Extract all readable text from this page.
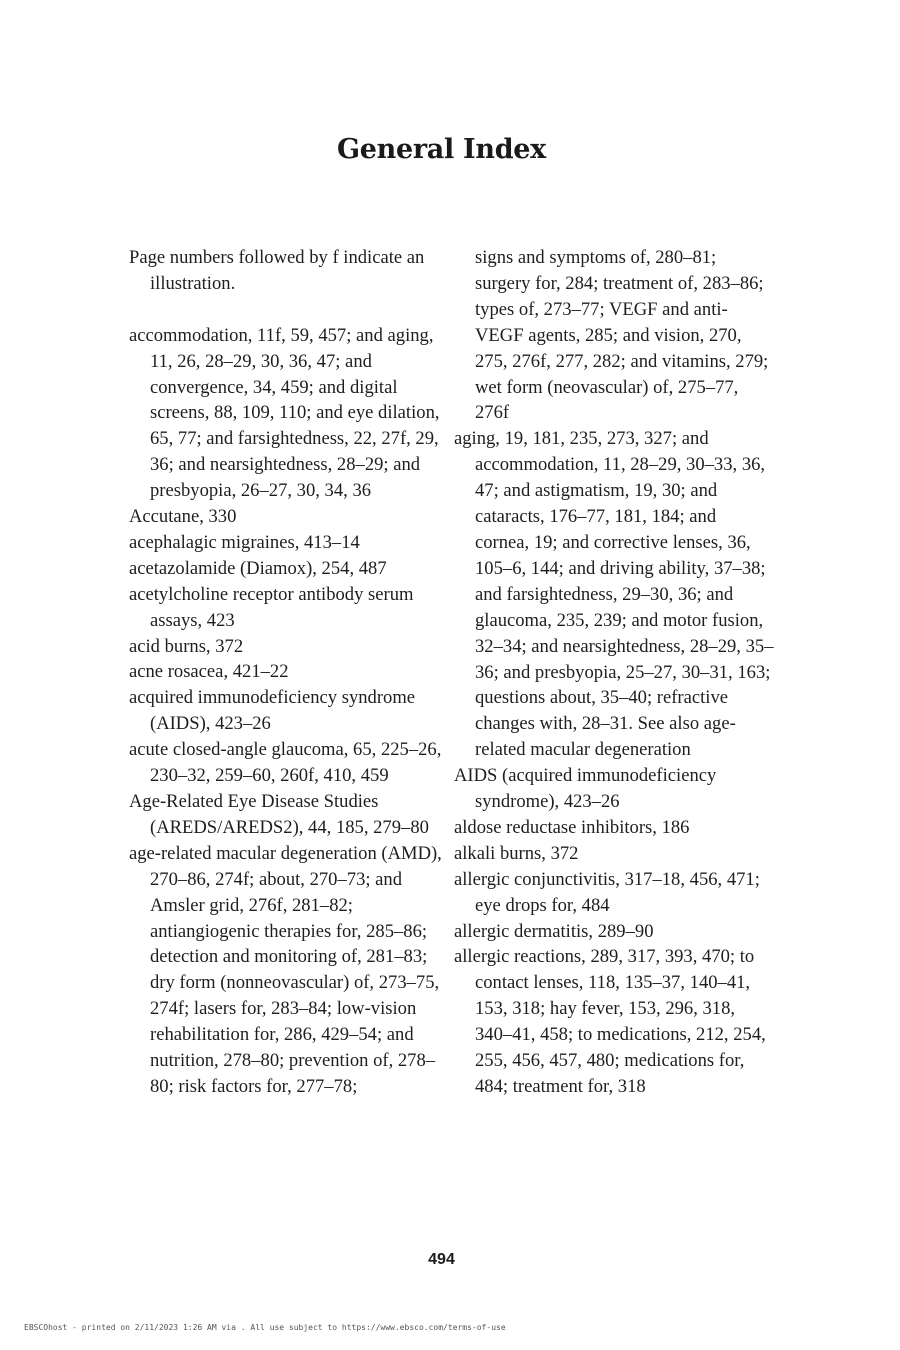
General Index

Page numbers followed by f indicate an illustration.

accommodation, 11f, 59, 457; and aging, 11, 26, 28–29, 30, 36, 47; and convergence, 34, 459; and digital screens, 88, 109, 110; and eye dilation, 65, 77; and farsightedness, 22, 27f, 29, 36; and nearsightedness, 28–29; and presbyopia, 26–27, 30, 34, 36

Accutane, 330

acephalagic migraines, 413–14

acetazolamide (Diamox), 254, 487

acetylcholine receptor antibody serum assays, 423

acid burns, 372

acne rosacea, 421–22

acquired immunodeficiency syndrome (AIDS), 423–26

acute closed-angle glaucoma, 65, 225–26, 230–32, 259–60, 260f, 410, 459

Age-Related Eye Disease Studies (AREDS/AREDS2), 44, 185, 279–80

age-related macular degeneration (AMD), 270–86, 274f; about, 270–73; and Amsler grid, 276f, 281–82; antiangiogenic therapies for, 285–86; detection and monitoring of, 281–83; dry form (nonneovascular) of, 273–75, 274f; lasers for, 283–84; low-vision rehabilitation for, 286, 429–54; and nutrition, 278–80; prevention of, 278–80; risk factors for, 277–78;

signs and symptoms of, 280–81; surgery for, 284; treatment of, 283–86; types of, 273–77; VEGF and anti-VEGF agents, 285; and vision, 270, 275, 276f, 277, 282; and vitamins, 279; wet form (neovascular) of, 275–77, 276f

aging, 19, 181, 235, 273, 327; and accommodation, 11, 28–29, 30–33, 36, 47; and astigmatism, 19, 30; and cataracts, 176–77, 181, 184; and cornea, 19; and corrective lenses, 36, 105–6, 144; and driving ability, 37–38; and farsightedness, 29–30, 36; and glaucoma, 235, 239; and motor fusion, 32–34; and nearsightedness, 28–29, 35–36; and presbyopia, 25–27, 30–31, 163; questions about, 35–40; refractive changes with, 28–31. See also age-related macular degeneration

AIDS (acquired immunodeficiency syndrome), 423–26

aldose reductase inhibitors, 186

alkali burns, 372

allergic conjunctivitis, 317–18, 456, 471; eye drops for, 484

allergic dermatitis, 289–90

allergic reactions, 289, 317, 393, 470; to contact lenses, 118, 135–37, 140–41, 153, 318; hay fever, 153, 296, 318, 340–41, 458; to medications, 212, 254, 255, 456, 457, 480; medications for, 484; treatment for, 318

494
EBSCOhost - printed on 2/11/2023 1:26 AM via . All use subject to https://www.ebsco.com/terms-of-use
